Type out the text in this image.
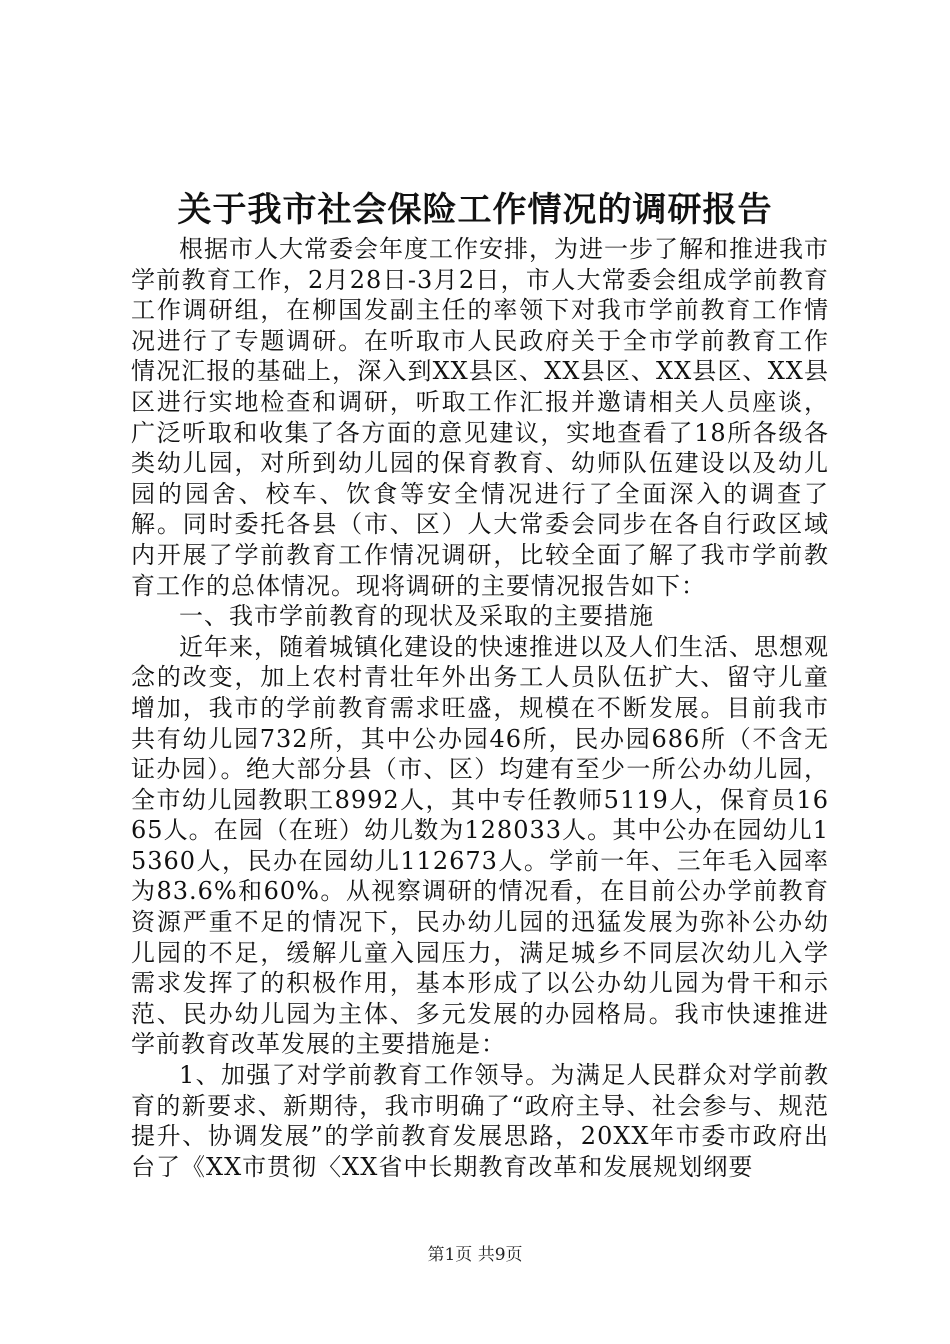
关于我市社会保险工作情况的调研报告

根据市人大常委会年度工作安排，为进一步了解和推进我市学前教育工作，2月28日-3月2日，市人大常委会组成学前教育工作调研组，在柳国发副主任的率领下对我市学前教育工作情况进行了专题调研。在听取市人民政府关于全市学前教育工作情况汇报的基础上，深入到XX县区、XX县区、XX县区、XX县区进行实地检查和调研，听取工作汇报并邀请相关人员座谈，广泛听取和收集了各方面的意见建议，实地查看了18所各级各类幼儿园，对所到幼儿园的保育教育、幼师队伍建设以及幼儿园的园舍、校车、饮食等安全情况进行了全面深入的调查了解。同时委托各县（市、区）人大常委会同步在各自行政区域内开展了学前教育工作情况调研，比较全面了解了我市学前教育工作的总体情况。现将调研的主要情况报告如下：

一、我市学前教育的现状及采取的主要措施

近年来，随着城镇化建设的快速推进以及人们生活、思想观念的改变，加上农村青壮年外出务工人员队伍扩大、留守儿童增加，我市的学前教育需求旺盛，规模在不断发展。目前我市共有幼儿园732所，其中公办园46所，民办园686所（不含无证办园）。绝大部分县（市、区）均建有至少一所公办幼儿园，全市幼儿园教职工8992人，其中专任教师5119人，保育员1665人。在园（在班）幼儿数为128033人。其中公办在园幼儿15360人，民办在园幼儿112673人。学前一年、三年毛入园率为83.6%和60%。从视察调研的情况看，在目前公办学前教育资源严重不足的情况下，民办幼儿园的迅猛发展为弥补公办幼儿园的不足，缓解儿童入园压力，满足城乡不同层次幼儿入学需求发挥了的积极作用，基本形成了以公办幼儿园为骨干和示范、民办幼儿园为主体、多元发展的办园格局。我市快速推进学前教育改革发展的主要措施是：

1、加强了对学前教育工作领导。为满足人民群众对学前教育的新要求、新期待，我市明确了“政府主导、社会参与、规范提升、协调发展”的学前教育发展思路，20XX年市委市政府出台了《XX市贯彻〈XX省中长期教育改革和发展规划纲要

第1页 共9页
